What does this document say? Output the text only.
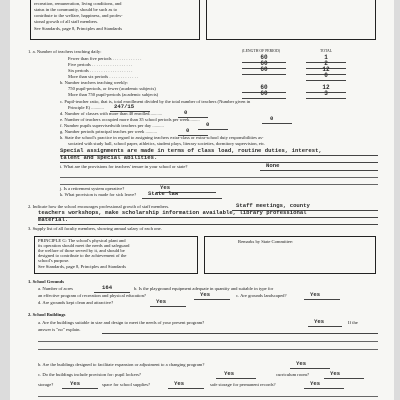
recreation, remuneration, living conditions, and
status in the community, should be such as to
contribute to the welfare, happiness, and profes-
sional growth of all staff members.
See Standards, page 8, Principles and Standards
1. a. Number of teachers teaching daily:	(LENGTH OF PERIOD)	TOTAL
Fewer than five periods . . . . . . . . . . . . .	60	1
Five periods . . . . . . . . . . . . . . . . . .	60	2
Six periods . . . . . . . . . . . . . . . . . . .	60	12
More than six periods . . . . . . . . . . . . .	0
b. Number teachers teaching weekly:
750 pupil-periods, or fewer (academic subjects)	60	12
More than 750 pupil-periods (academic subjects)	60	3
c. Pupil-teacher ratio, that is, total enrollment divided by the total number of teachers (Number given in
Principle E) ........... 247/15
d. Number of classes with more than 40 enrolled...........	0
e. Number of teachers occupied more than 35 school periods per week.........	0
f. Number pupils supervisedwith teachers per day ..........	0
g. Number periods principal teaches per week ..........	0
h. State the school's practice in regard to assigning teachers extra-class or extra-school duty responsibilities as-
sociated with study hall, school paper, athletics, student plays, literary societies, dormitory supervision, etc.
Special assignments are made in terms of class load, routine duties, interest,
talent and special abilities.
i. What are the provisions for teachers' tenure in your school or state?	None
j. Is a retirement system operative?	Yes
k. What provision is made for sick leave? State law
2. Indicate how the school encourages professional growth of staff members.	Staff meetings, county
teachers workshops, make scholarship information available, library professional
material.
3. Supply list of all faculty members, showing annual salary of each one.
PRINCIPLE G: The school's physical plant and
its operation should meet the needs and safeguard
the welfare of those served by it, and should be
designed to contribute to the achievement of the
school's purpose.
See Standards, page 8, Principles and Standards
Remarks by State Committee:
1. School Grounds
a. Number of acres	164	b. Is the playground equipment adequate in quantity and suitable in type for
an effective program of recreation and physical education?	Yes	c. Are grounds landscaped?	Yes
d. Are grounds kept clean and attractive?	Yes
2. School Buildings
a. Are the buildings suitable in size and design to meet the needs of your present program?	Yes	If the
answer is "no" explain.
b. Are the buildings designed to facilitate expansion or adjustment to a changing program?	Yes
c. Do the buildings include provision for: pupil lockers?	Yes	curriculum room?	Yes
storage?	Yes	space for school supplies?	Yes	safe storage for permanent records?	Yes
